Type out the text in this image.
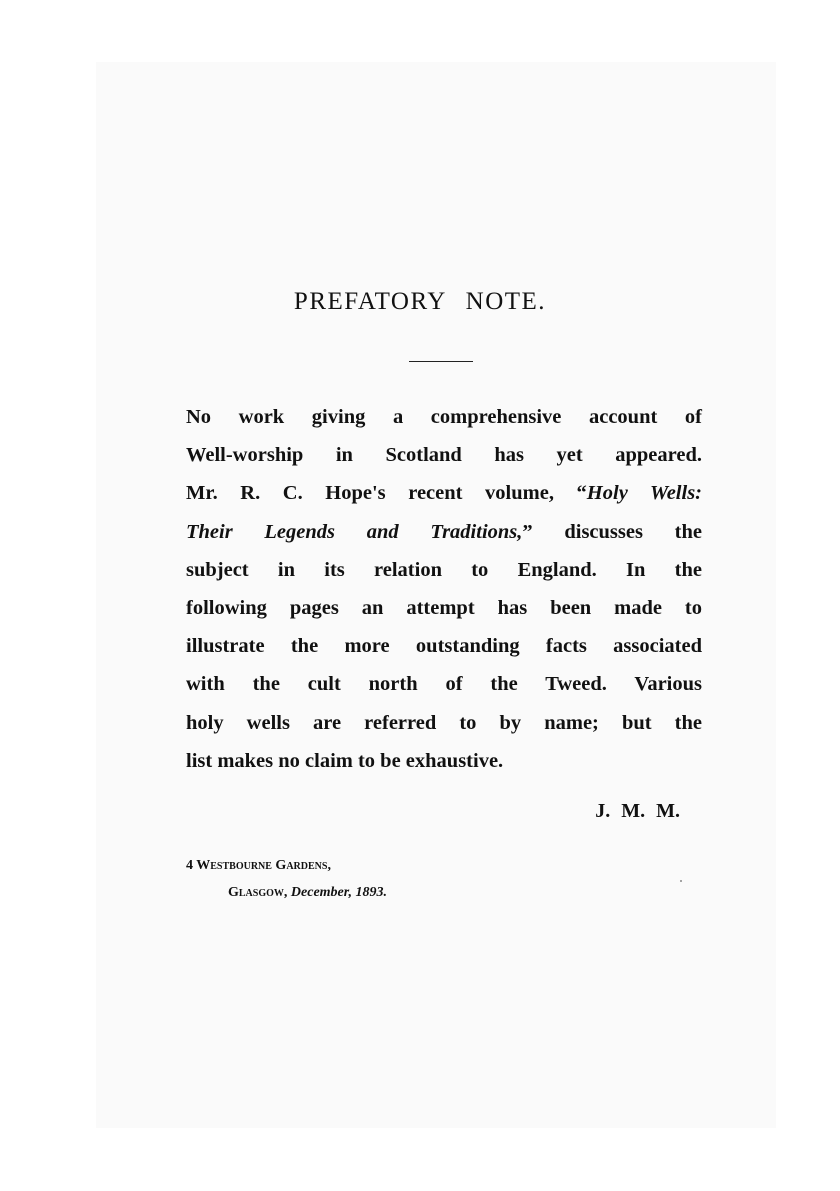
PREFATORY NOTE.
No work giving a comprehensive account of
Well-worship in Scotland has yet appeared.
Mr. R. C. Hope's recent volume, “Holy Wells:
Their Legends and Traditions,” discusses the
subject in its relation to England. In the
following pages an attempt has been made to
illustrate the more outstanding facts associated
with the cult north of the Tweed. Various
holy wells are referred to by name; but the
list makes no claim to be exhaustive.
J. M. M.
4 Westbourne Gardens,
Glasgow, December, 1893.
